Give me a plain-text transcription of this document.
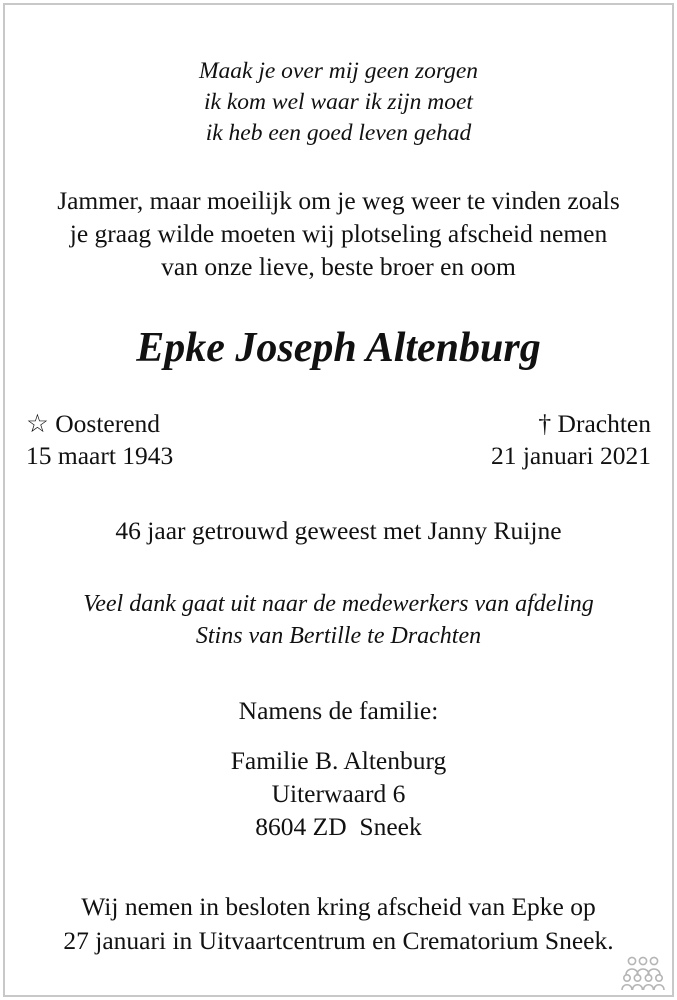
Maak je over mij geen zorgen
ik kom wel waar ik zijn moet
ik heb een goed leven gehad
Jammer, maar moeilijk om je weg weer te vinden zoals
je graag wilde moeten wij plotseling afscheid nemen
van onze lieve, beste broer en oom
Epke Joseph Altenburg
☆ Oosterend
15 maart 1943
† Drachten
21 januari 2021
46 jaar getrouwd geweest met Janny Ruijne
Veel dank gaat uit naar de medewerkers van afdeling
Stins van Bertille te Drachten
Namens de familie:
Familie B. Altenburg
Uiterwaard 6
8604 ZD  Sneek
Wij nemen in besloten kring afscheid van Epke op
27 januari in Uitvaartcentrum en Crematorium Sneek.
